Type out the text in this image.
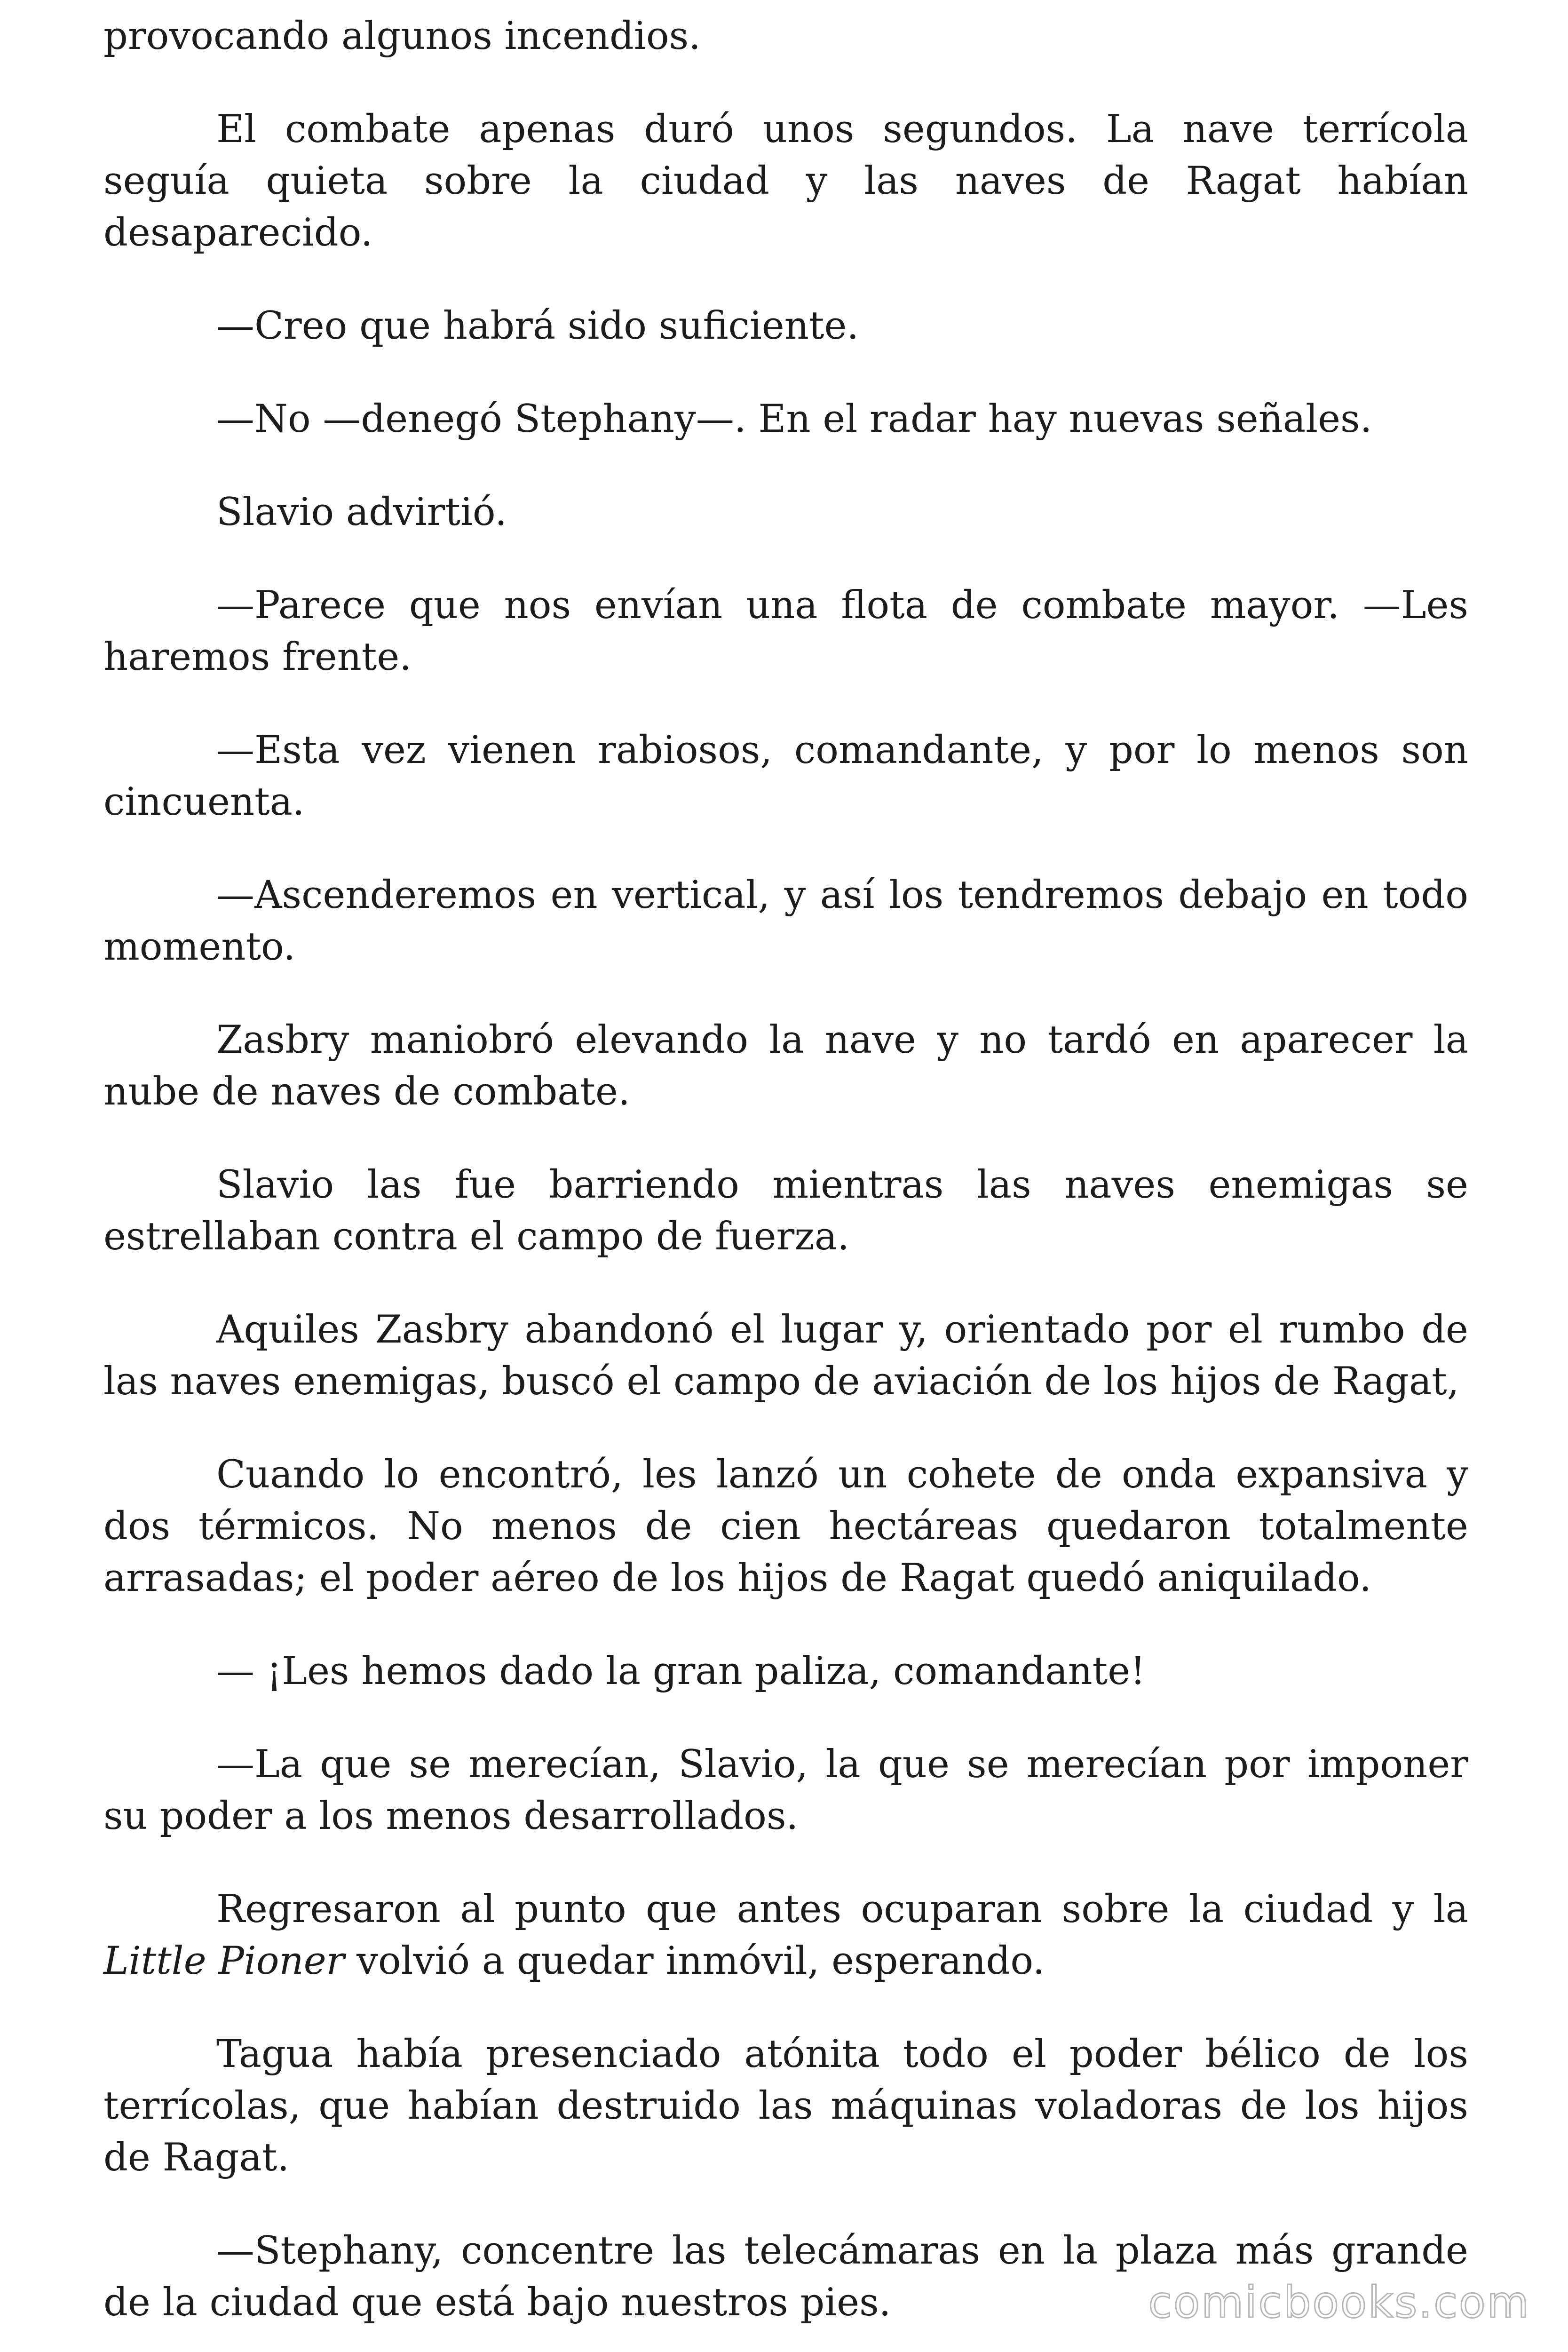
provocando algunos incendios.

El combate apenas duró unos segundos. La nave terrícola seguía quieta sobre la ciudad y las naves de Ragat habían desaparecido.

—Creo que habrá sido suficiente.

—No —denegó Stephany—. En el radar hay nuevas señales.

Slavio advirtió.

—Parece que nos envían una flota de combate mayor. —Les haremos frente.

—Esta vez vienen rabiosos, comandante, y por lo menos son cincuenta.

—Ascenderemos en vertical, y así los tendremos debajo en todo momento.

Zasbry maniobró elevando la nave y no tardó en aparecer la nube de naves de combate.

Slavio las fue barriendo mientras las naves enemigas se estrellaban contra el campo de fuerza.

Aquiles Zasbry abandonó el lugar y, orientado por el rumbo de las naves enemigas, buscó el campo de aviación de los hijos de Ragat,

Cuando lo encontró, les lanzó un cohete de onda expansiva y dos térmicos. No menos de cien hectáreas quedaron totalmente arrasadas; el poder aéreo de los hijos de Ragat quedó aniquilado.

— ¡Les hemos dado la gran paliza, comandante!

—La que se merecían, Slavio, la que se merecían por imponer su poder a los menos desarrollados.

Regresaron al punto que antes ocuparan sobre la ciudad y la Little Pioner volvió a quedar inmóvil, esperando.

Tagua había presenciado atónita todo el poder bélico de los terrícolas, que habían destruido las máquinas voladoras de los hijos de Ragat.

—Stephany, concentre las telecámaras en la plaza más grande de la ciudad que está bajo nuestros pies.	comicbooks.com
